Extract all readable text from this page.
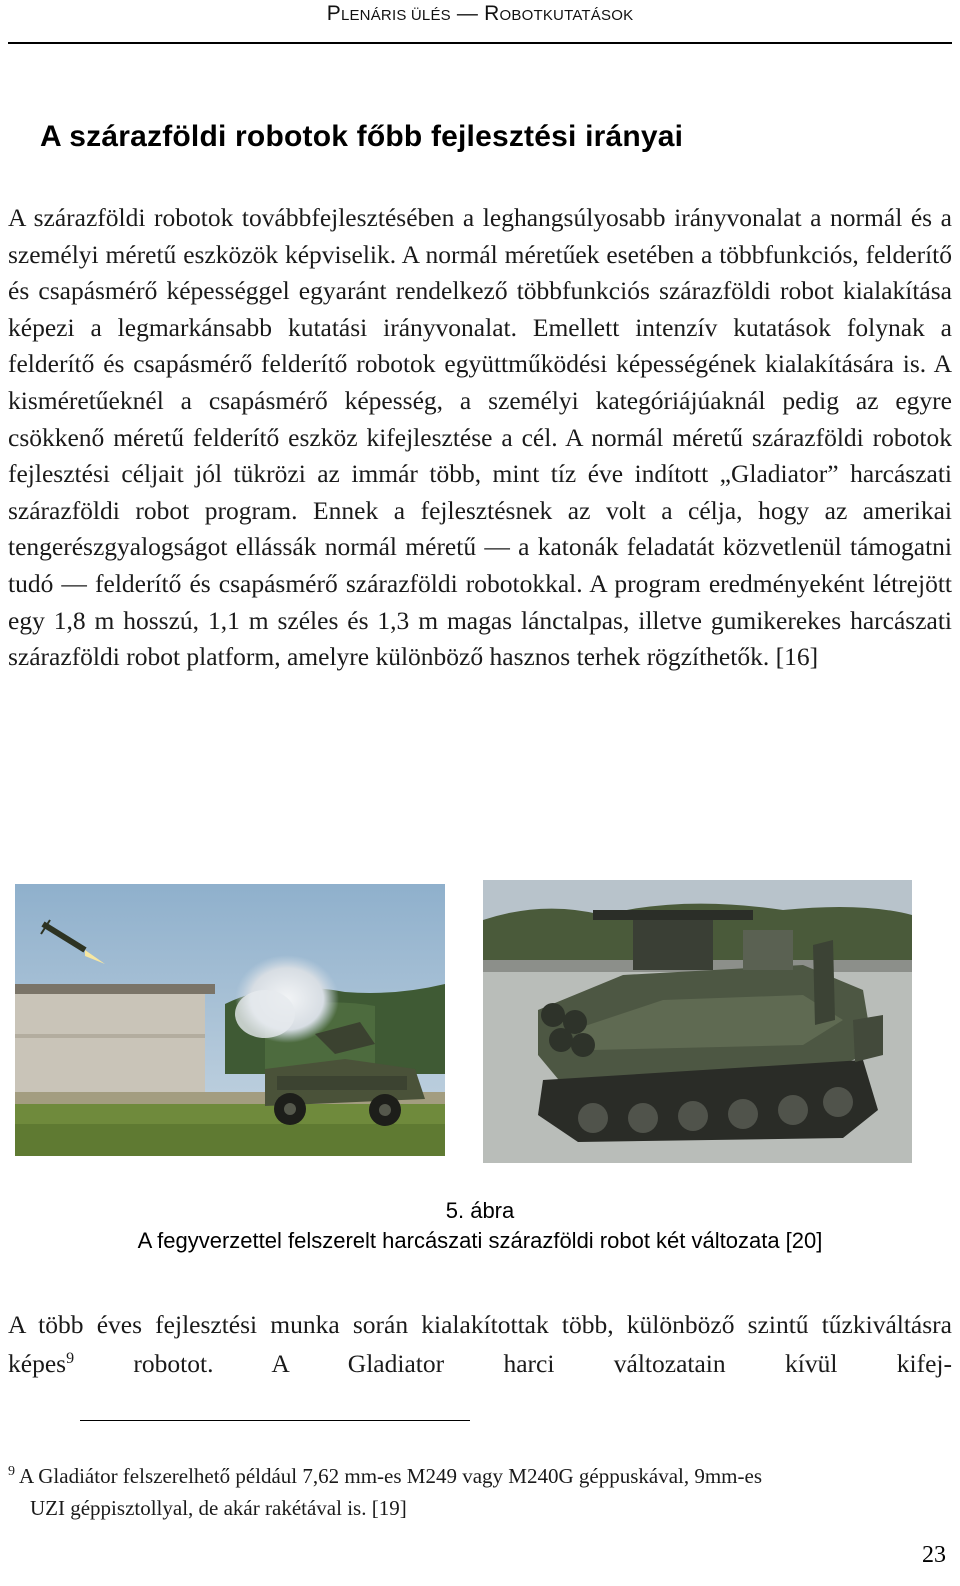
PLENÁRIS ÜLÉS — ROBOTKUTATÁSOK
A szárazföldi robotok főbb fejlesztési irányai

A szárazföldi robotok továbbfejlesztésében a leghangsúlyosabb irányvonalat a normál és a személyi méretű eszközök képviselik. A normál méretűek esetében a többfunkciós, felderítő és csapásmérő képességgel egyaránt rendelkező többfunkciós szárazföldi robot kialakítása képezi a legmarkánsabb kutatási irányvonalat. Emellett intenzív kutatások folynak a felderítő és csapásmérő felderítő robotok együttműködési képességének kialakítására is. A kisméretűeknél a csapásmérő képesség, a személyi kategóriájúaknál pedig az egyre csökkenő méretű felderítő eszköz kifejlesztése a cél. A normál méretű szárazföldi robotok fejlesztési céljait jól tükrözi az immár több, mint tíz éve indított „Gladiator” harcászati szárazföldi robot program. Ennek a fejlesztésnek az volt a célja, hogy az amerikai tengerészgyalogságot ellássák normál méretű — a katonák feladatát közvetlenül támogatni tudó — felderítő és csapásmérő szárazföldi robotokkal. A program eredményeként létrejött egy 1,8 m hosszú, 1,1 m széles és 1,3 m magas lánctalpas, illetve gumikerekes harcászati szárazföldi robot platform, amelyre különböző hasznos terhek rögzíthetők. [16]

5. ábra
A fegyverzettel felszerelt harcászati szárazföldi robot két változata [20]

A több éves fejlesztési munka során kialakítottak több, különböző szintű tűzkiváltásra képes$^9$ robotot. A Gladiator harci változatain kívül kifej-

$^9$ A Gladiátor felszerelhető például 7,62 mm-es M249 vagy M240G géppuskával, 9mm-es
UZI géppisztollyal, de akár rakétával is. [19]

23
